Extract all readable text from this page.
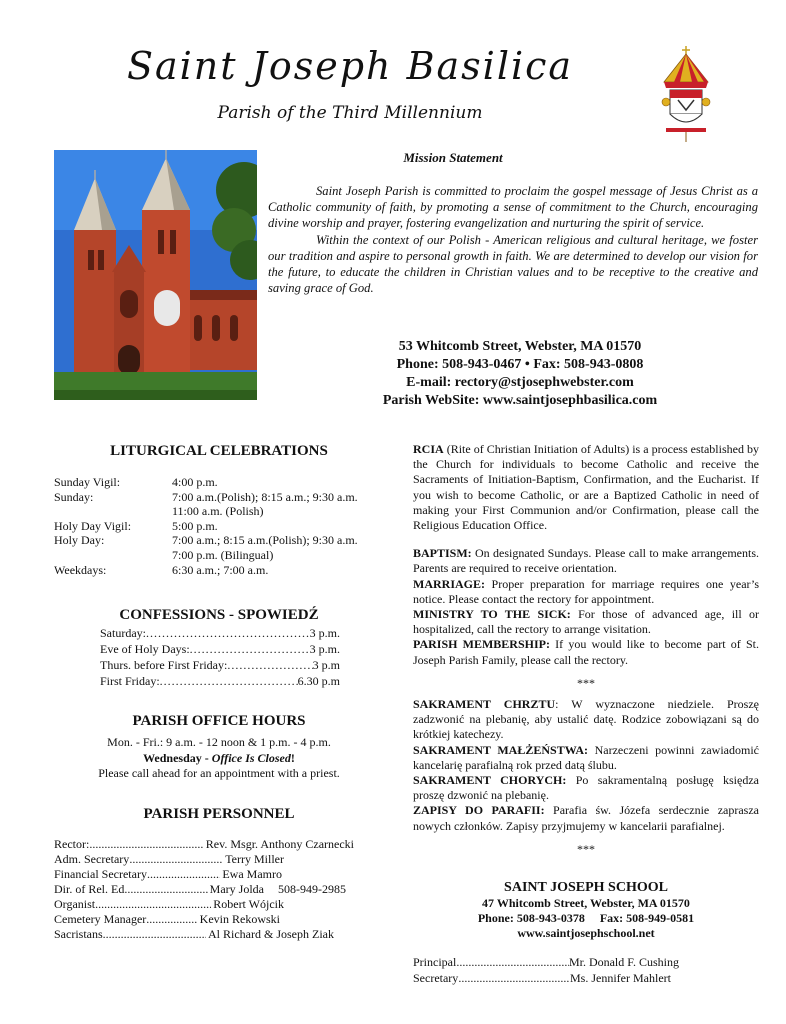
Saint Joseph Basilica
Parish of the Third Millennium
Mission Statement

Saint Joseph Parish is committed to proclaim the gospel message of Jesus Christ as a Catholic community of faith, by promoting a sense of commitment to the Church, encouraging divine worship and prayer, fostering evangelization and nurturing the spirit of service.

Within the context of our Polish - American religious and cultural heritage, we foster our tradition and aspire to personal growth in faith. We are determined to develop our vision for the future, to educate the children in Christian values and to be receptive to the creative and saving grace of God.

53 Whitcomb Street, Webster, MA 01570
Phone: 508-943-0467 • Fax: 508-943-0808
E-mail: rectory@stjosephwebster.com
Parish WebSite: www.saintjosephbasilica.com
LITURGICAL CELEBRATIONS
Sunday Vigil:	4:00 p.m.
Sunday:	7:00 a.m.(Polish); 8:15 a.m.; 9:30 a.m.
11:00 a.m. (Polish)
Holy Day Vigil:	5:00 p.m.
Holy Day:	7:00 a.m.; 8:15 a.m.(Polish); 9:30 a.m.
7:00 p.m. (Bilingual)
Weekdays:	6:30 a.m.; 7:00 a.m.
CONFESSIONS - SPOWIEDŹ
Saturday: .....	3 p.m.
Eve of Holy Days: .....	3 p.m.
Thurs. before First Friday: .....	3 p.m
First Friday: .....	6.30 p.m
PARISH OFFICE HOURS
Mon. - Fri.: 9 a.m. - 12 noon & 1 p.m. - 4 p.m.
Wednesday - Office Is Closed!
Please call ahead for an appointment with a priest.
PARISH PERSONNEL
Rector: .....	Rev. Msgr. Anthony Czarnecki
Adm. Secretary .....	Terry Miller
Financial Secretary .....	Ewa Mamro
Dir. of Rel. Ed. .....	Mary Jolda	508-949-2985
Organist .....	Robert Wójcik
Cemetery Manager .....	Kevin Rekowski
Sacristans .....	Al Richard & Joseph Ziak

RCIA (Rite of Christian Initiation of Adults) is a process established by the Church for individuals to become Catholic and receive the Sacraments of Initiation-Baptism, Confirmation, and the Eucharist. If you wish to become Catholic, or are a Baptized Catholic in need of making your First Communion and/or Confirmation, please call the Religious Education Office.

BAPTISM: On designated Sundays. Please call to make arrangements. Parents are required to receive orientation.

MARRIAGE: Proper preparation for marriage requires one year’s notice. Please contact the rectory for appointment.

MINISTRY TO THE SICK: For those of advanced age, ill or hospitalized, call the rectory to arrange visitation.

PARISH MEMBERSHIP: If you would like to become part of St. Joseph Parish Family, please call the rectory.

***

SAKRAMENT CHRZTU: W wyznaczone niedziele. Proszę zadzwonić na plebanię, aby ustalić datę. Rodzice zobowiązani są do krótkiej katechezy.

SAKRAMENT MAŁŻEŃSTWA: Narzeczeni powinni zawiadomić kancelarię parafialną rok przed datą ślubu.

SAKRAMENT CHORYCH: Po sakramentalną posługę księdza proszę dzwonić na plebanię.

ZAPISY DO PARAFII: Parafia św. Józefa serdecznie zaprasza nowych członków. Zapisy przyjmujemy w kancelarii parafialnej.

***

SAINT JOSEPH SCHOOL
47 Whitcomb Street, Webster, MA 01570
Phone: 508-943-0378     Fax: 508-949-0581
www.saintjosephschool.net
Principal .....	Mr. Donald F. Cushing
Secretary .....	Ms. Jennifer Mahlert
